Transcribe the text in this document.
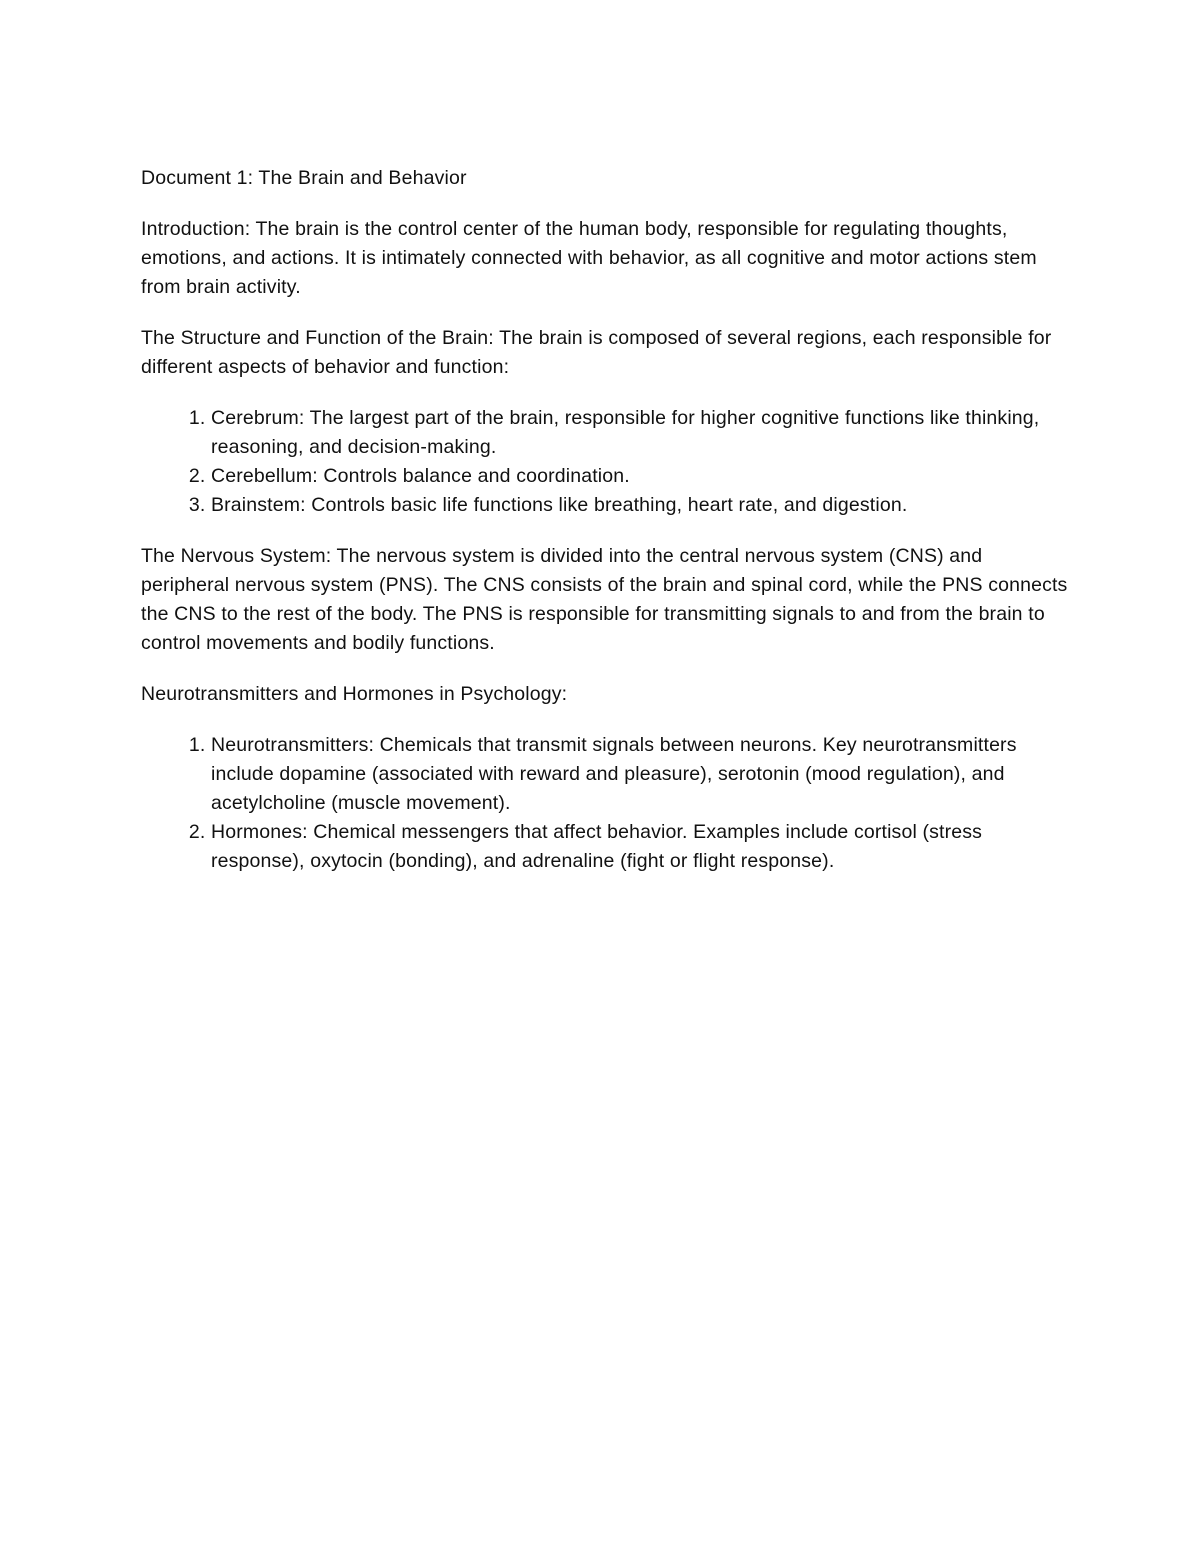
Document 1: The Brain and Behavior

Introduction: The brain is the control center of the human body, responsible for regulating thoughts, emotions, and actions. It is intimately connected with behavior, as all cognitive and motor actions stem from brain activity.

The Structure and Function of the Brain: The brain is composed of several regions, each responsible for different aspects of behavior and function:

1. Cerebrum: The largest part of the brain, responsible for higher cognitive functions like thinking, reasoning, and decision-making.
2. Cerebellum: Controls balance and coordination.
3. Brainstem: Controls basic life functions like breathing, heart rate, and digestion.

The Nervous System: The nervous system is divided into the central nervous system (CNS) and peripheral nervous system (PNS). The CNS consists of the brain and spinal cord, while the PNS connects the CNS to the rest of the body. The PNS is responsible for transmitting signals to and from the brain to control movements and bodily functions.

Neurotransmitters and Hormones in Psychology:

1. Neurotransmitters: Chemicals that transmit signals between neurons. Key neurotransmitters include dopamine (associated with reward and pleasure), serotonin (mood regulation), and acetylcholine (muscle movement).
2. Hormones: Chemical messengers that affect behavior. Examples include cortisol (stress response), oxytocin (bonding), and adrenaline (fight or flight response).
